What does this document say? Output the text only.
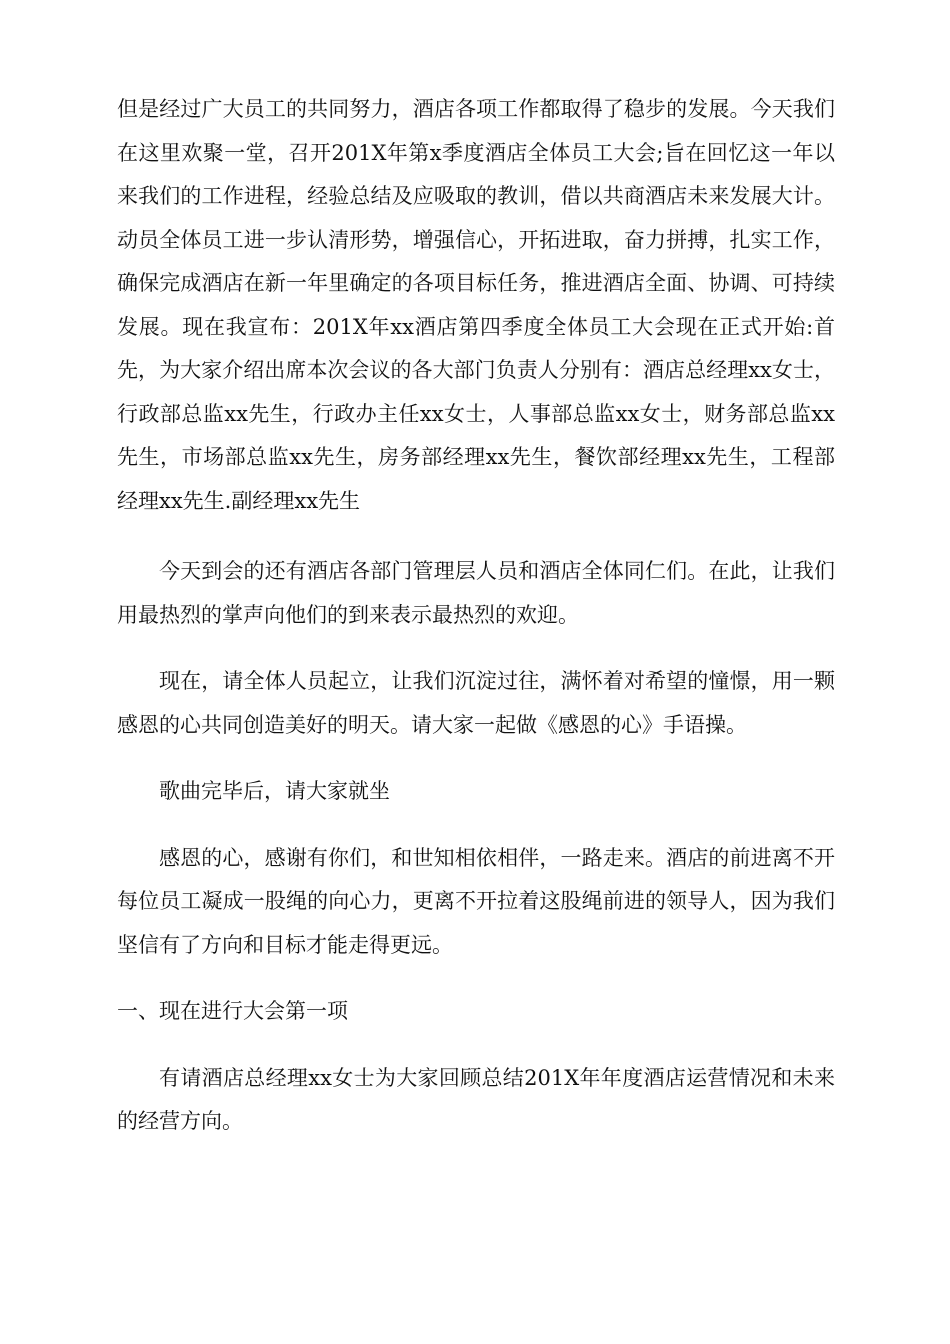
但是经过广大员工的共同努力，酒店各项工作都取得了稳步的发展。今天我们在这里欢聚一堂，召开201X年第x季度酒店全体员工大会;旨在回忆这一年以来我们的工作进程，经验总结及应吸取的教训，借以共商酒店未来发展大计。动员全体员工进一步认清形势，增强信心，开拓进取，奋力拼搏，扎实工作，确保完成酒店在新一年里确定的各项目标任务，推进酒店全面、协调、可持续发展。现在我宣布：201X年xx酒店第四季度全体员工大会现在正式开始:首先，为大家介绍出席本次会议的各大部门负责人分别有：酒店总经理xx女士，行政部总监xx先生，行政办主任xx女士，人事部总监xx女士，财务部总监xx先生，市场部总监xx先生，房务部经理xx先生，餐饮部经理xx先生，工程部经理xx先生.副经理xx先生

今天到会的还有酒店各部门管理层人员和酒店全体同仁们。在此，让我们用最热烈的掌声向他们的到来表示最热烈的欢迎。

现在，请全体人员起立，让我们沉淀过往，满怀着对希望的憧憬，用一颗感恩的心共同创造美好的明天。请大家一起做《感恩的心》手语操。

歌曲完毕后，请大家就坐

感恩的心，感谢有你们，和世知相依相伴，一路走来。酒店的前进离不开每位员工凝成一股绳的向心力，更离不开拉着这股绳前进的领导人，因为我们坚信有了方向和目标才能走得更远。

一、现在进行大会第一项

有请酒店总经理xx女士为大家回顾总结201X年年度酒店运营情况和未来的经营方向。
